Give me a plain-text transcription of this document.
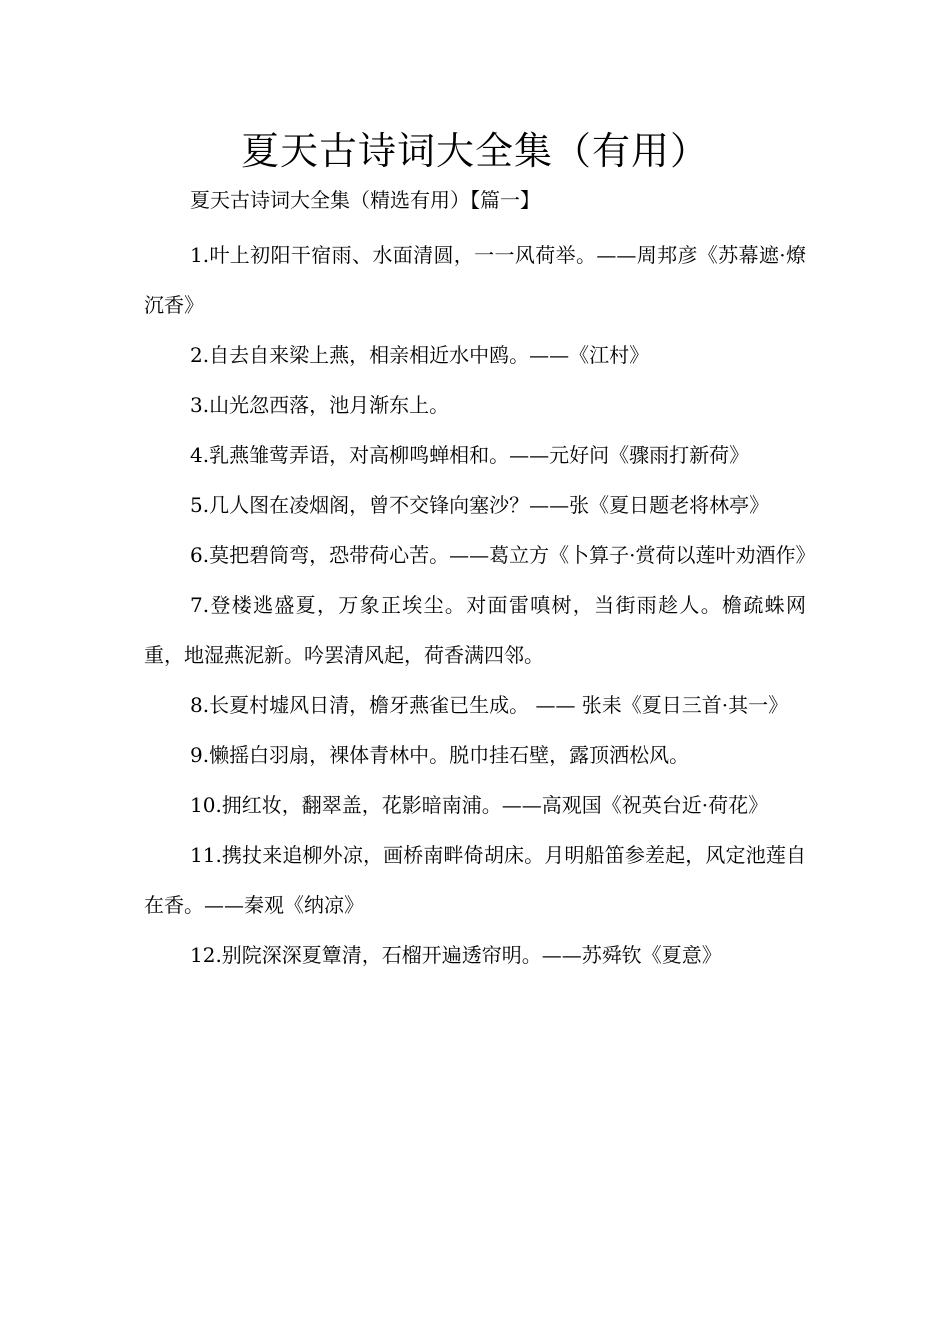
夏天古诗词大全集（有用）
夏天古诗词大全集（精选有用）【篇一】

1.叶上初阳干宿雨、水面清圆，一一风荷举。——周邦彦《苏幕遮·燎沉香》

2.自去自来梁上燕，相亲相近水中鸥。——《江村》

3.山光忽西落，池月渐东上。

4.乳燕雏莺弄语，对高柳鸣蝉相和。——元好问《骤雨打新荷》

5.几人图在凌烟阁，曾不交锋向塞沙？——张《夏日题老将林亭》

6.莫把碧筒弯，恐带荷心苦。——葛立方《卜算子·赏荷以莲叶劝酒作》

7.登楼逃盛夏，万象正埃尘。对面雷嗔树，当街雨趁人。檐疏蛛网重，地湿燕泥新。吟罢清风起，荷香满四邻。

8.长夏村墟风日清，檐牙燕雀已生成。 —— 张耒《夏日三首·其一》

9.懒摇白羽扇，裸体青林中。脱巾挂石壁，露顶洒松风。

10.拥红妆，翻翠盖，花影暗南浦。——高观国《祝英台近·荷花》

11.携扙来追柳外凉，画桥南畔倚胡床。月明船笛参差起，风定池莲自在香。——秦观《纳凉》

12.别院深深夏簟清，石榴开遍透帘明。——苏舜钦《夏意》
